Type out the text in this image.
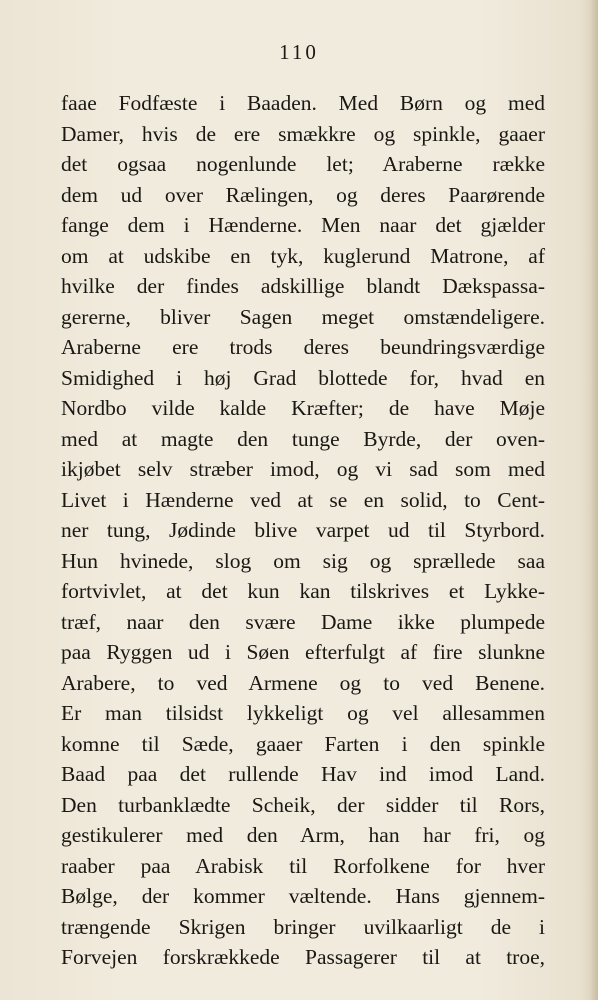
110
faae Fodfæste i Baaden. Med Børn og med
Damer, hvis de ere smækkre og spinkle, gaaer
det ogsaa nogenlunde let; Araberne række
dem ud over Rælingen, og deres Paarørende
fange dem i Hænderne. Men naar det gjælder
om at udskibe en tyk, kuglerund Matrone, af
hvilke der findes adskillige blandt Dækspassa-
gererne, bliver Sagen meget omstændeligere.
Araberne ere trods deres beundringsværdige
Smidighed i høj Grad blottede for, hvad en
Nordbo vilde kalde Kræfter; de have Møje
med at magte den tunge Byrde, der oven-
ikjøbet selv stræber imod, og vi sad som med
Livet i Hænderne ved at se en solid, to Cent-
ner tung, Jødinde blive varpet ud til Styrbord.
Hun hvinede, slog om sig og sprællede saa
fortvivlet, at det kun kan tilskrives et Lykke-
træf, naar den svære Dame ikke plumpede
paa Ryggen ud i Søen efterfulgt af fire slunkne
Arabere, to ved Armene og to ved Benene.
Er man tilsidst lykkeligt og vel allesammen
komne til Sæde, gaaer Farten i den spinkle
Baad paa det rullende Hav ind imod Land.
Den turbanklædte Scheik, der sidder til Rors,
gestikulerer med den Arm, han har fri, og
raaber paa Arabisk til Rorfolkene for hver
Bølge, der kommer væltende. Hans gjennem-
trængende Skrigen bringer uvilkaarligt de i
Forvejen forskrækkede Passagerer til at troe,
